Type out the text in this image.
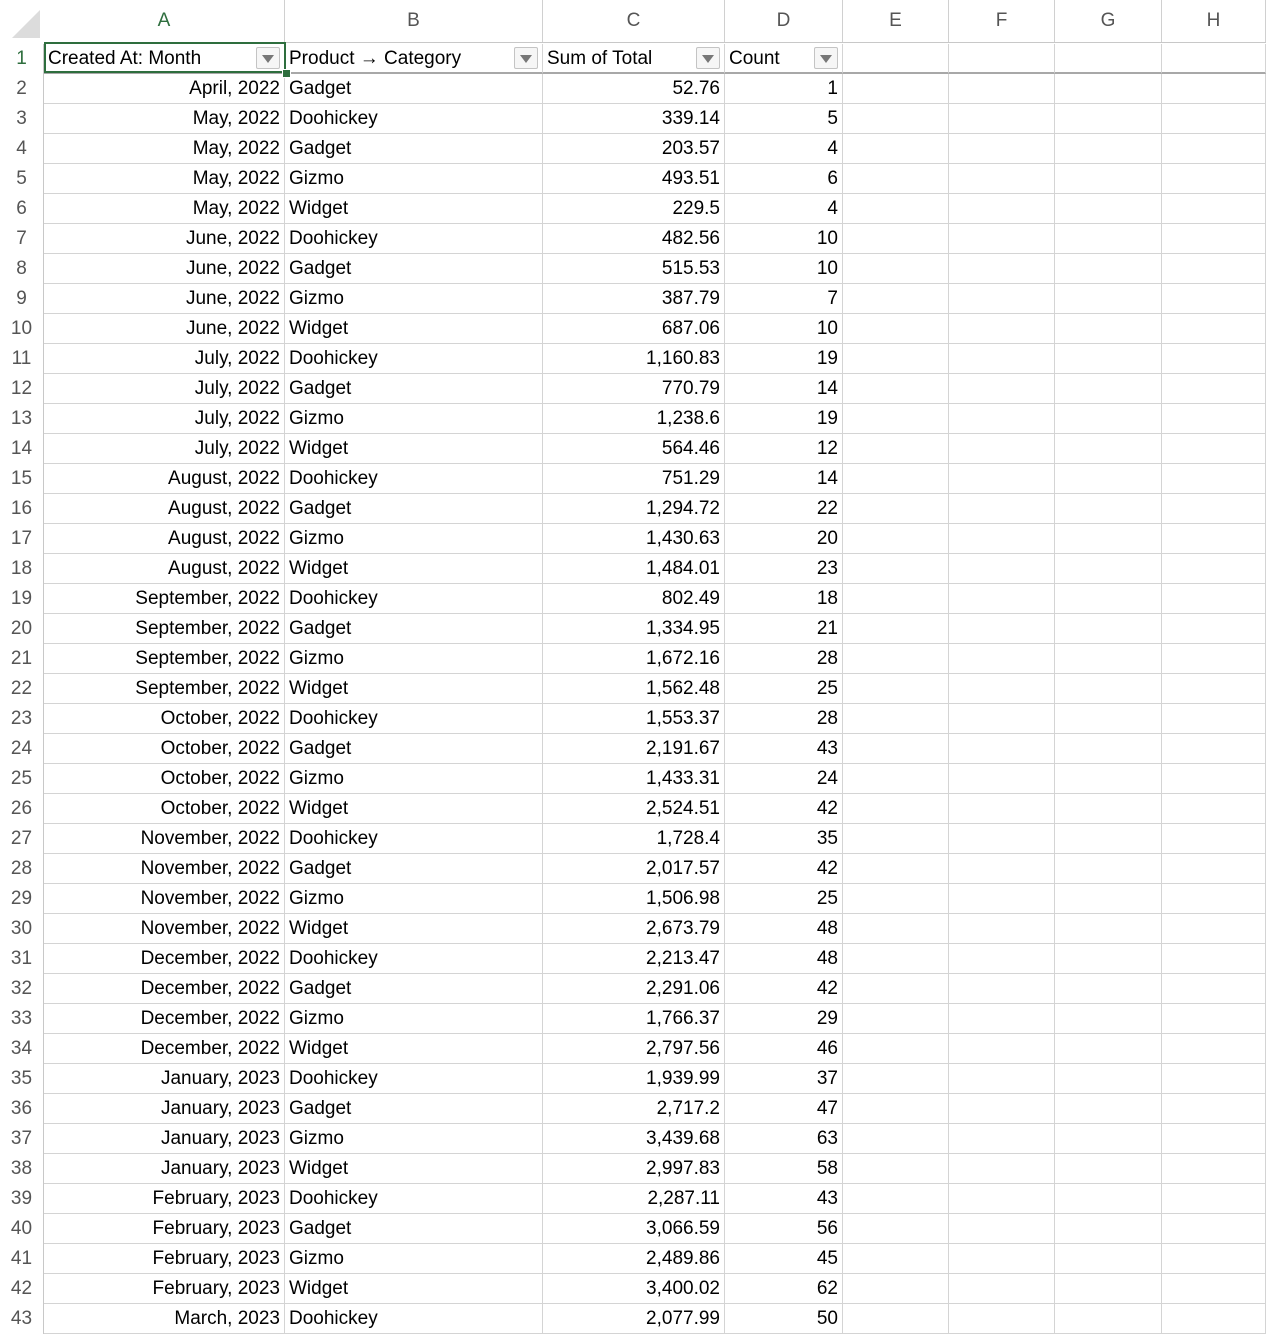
A	B	C	D	E	F	G	H
1	Created At: Month	Product → Category	Sum of Total	Count
2	April, 2022 Gadget	52.76	1
3	May, 2022 Doohickey	339.14	5
4	May, 2022 Gadget	203.57	4
5	May, 2022 Gizmo	493.51	6
6	May, 2022 Widget	229.5	4
7	June, 2022 Doohickey	482.56	10
8	June, 2022 Gadget	515.53	10
9	June, 2022 Gizmo	387.79	7
10	June, 2022 Widget	687.06	10
11	July, 2022 Doohickey	1,160.83	19
12	July, 2022 Gadget	770.79	14
13	July, 2022 Gizmo	1,238.6	19
14	July, 2022 Widget	564.46	12
15	August, 2022 Doohickey	751.29	14
16	August, 2022 Gadget	1,294.72	22
17	August, 2022 Gizmo	1,430.63	20
18	August, 2022 Widget	1,484.01	23
19	September, 2022 Doohickey	802.49	18
20	September, 2022 Gadget	1,334.95	21
21	September, 2022 Gizmo	1,672.16	28
22	September, 2022 Widget	1,562.48	25
23	October, 2022 Doohickey	1,553.37	28
24	October, 2022 Gadget	2,191.67	43
25	October, 2022 Gizmo	1,433.31	24
26	October, 2022 Widget	2,524.51	42
27	November, 2022 Doohickey	1,728.4	35
28	November, 2022 Gadget	2,017.57	42
29	November, 2022 Gizmo	1,506.98	25
30	November, 2022 Widget	2,673.79	48
31	December, 2022 Doohickey	2,213.47	48
32	December, 2022 Gadget	2,291.06	42
33	December, 2022 Gizmo	1,766.37	29
34	December, 2022 Widget	2,797.56	46
35	January, 2023 Doohickey	1,939.99	37
36	January, 2023 Gadget	2,717.2	47
37	January, 2023 Gizmo	3,439.68	63
38	January, 2023 Widget	2,997.83	58
39	February, 2023 Doohickey	2,287.11	43
40	February, 2023 Gadget	3,066.59	56
41	February, 2023 Gizmo	2,489.86	45
42	February, 2023 Widget	3,400.02	62
43	March, 2023 Doohickey	2,077.99	50
